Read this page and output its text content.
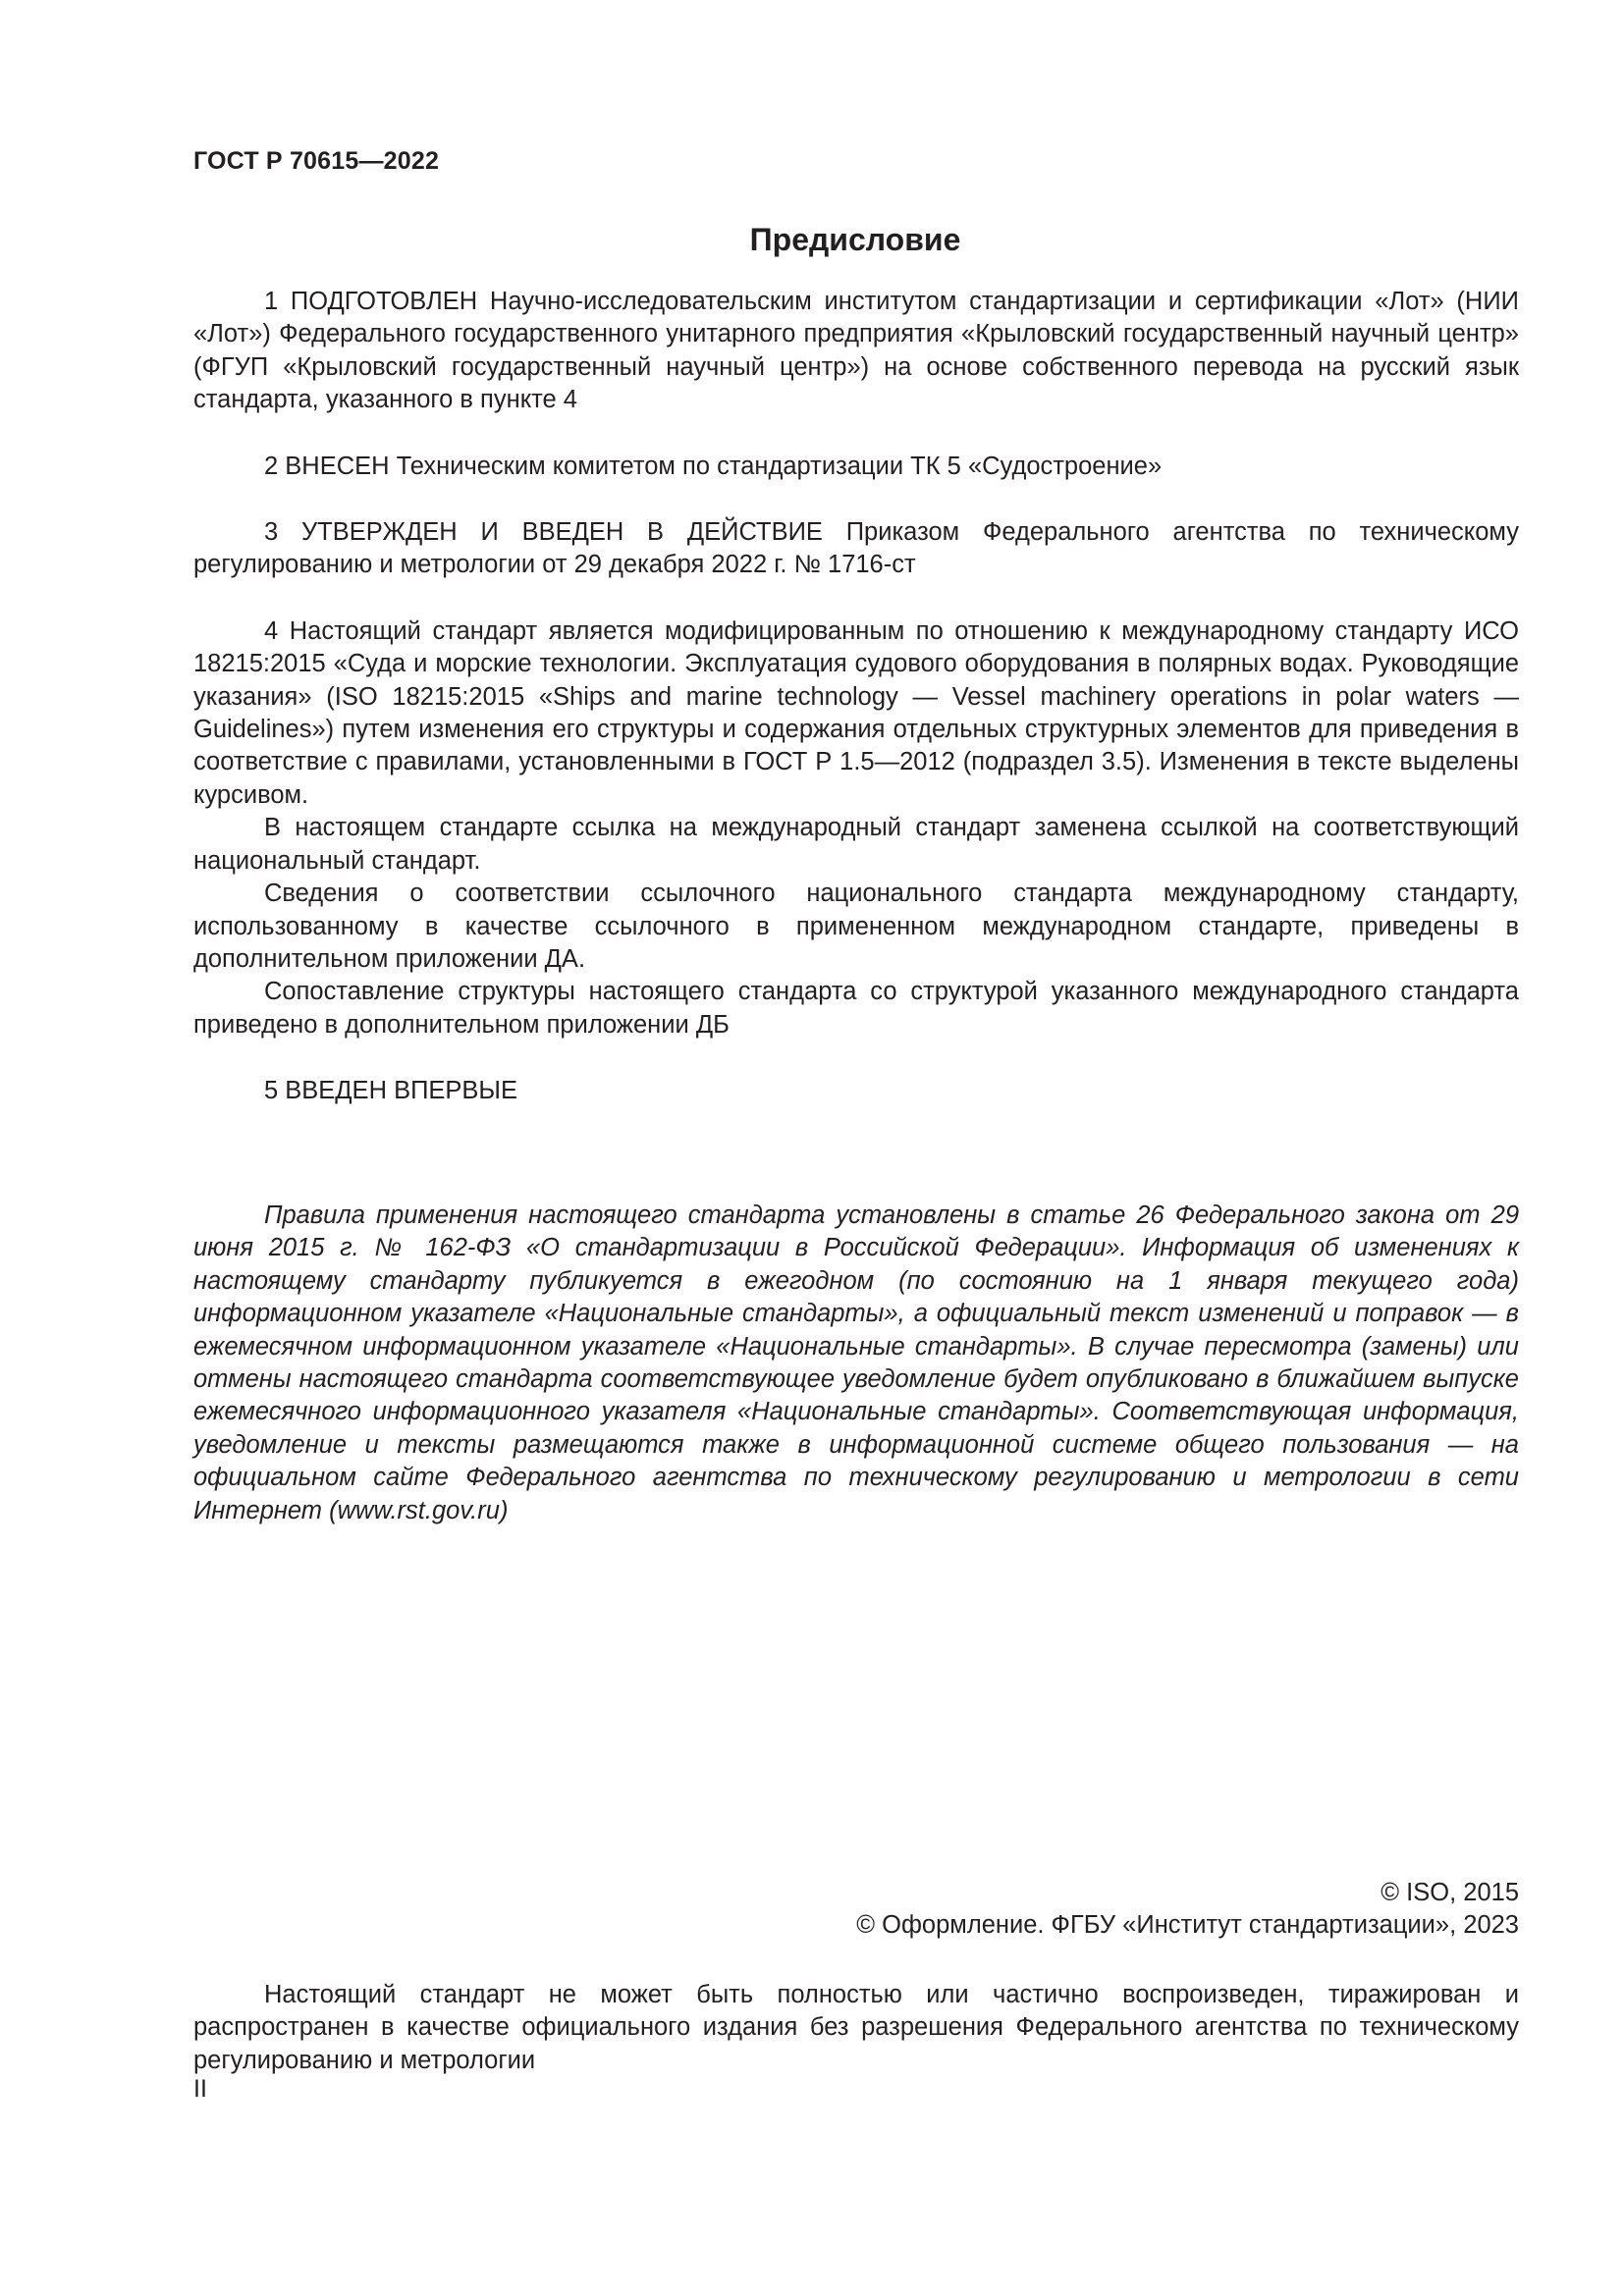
ГОСТ Р 70615—2022
Предисловие

1 ПОДГОТОВЛЕН Научно-исследовательским институтом стандартизации и сертификации «Лот» (НИИ «Лот») Федерального государственного унитарного предприятия «Крыловский государственный научный центр» (ФГУП «Крыловский государственный научный центр») на основе собственного перевода на русский язык стандарта, указанного в пункте 4

2 ВНЕСЕН Техническим комитетом по стандартизации ТК 5 «Судостроение»

3 УТВЕРЖДЕН И ВВЕДЕН В ДЕЙСТВИЕ Приказом Федерального агентства по техническому регулированию и метрологии от 29 декабря 2022 г. № 1716-ст

4 Настоящий стандарт является модифицированным по отношению к международному стандарту ИСО 18215:2015 «Суда и морские технологии. Эксплуатация судового оборудования в полярных водах. Руководящие указания» (ISO 18215:2015 «Ships and marine technology — Vessel machinery operations in polar waters — Guidelines») путем изменения его структуры и содержания отдельных структурных элементов для приведения в соответствие с правилами, установленными в ГОСТ Р 1.5—2012 (подраздел 3.5). Изменения в тексте выделены курсивом.

В настоящем стандарте ссылка на международный стандарт заменена ссылкой на соответствующий национальный стандарт.

Сведения о соответствии ссылочного национального стандарта международному стандарту, использованному в качестве ссылочного в примененном международном стандарте, приведены в дополнительном приложении ДА.

Сопоставление структуры настоящего стандарта со структурой указанного международного стандарта приведено в дополнительном приложении ДБ

5 ВВЕДЕН ВПЕРВЫЕ

Правила применения настоящего стандарта установлены в статье 26 Федерального закона от 29 июня 2015 г. № 162-ФЗ «О стандартизации в Российской Федерации». Информация об изменениях к настоящему стандарту публикуется в ежегодном (по состоянию на 1 января текущего года) информационном указателе «Национальные стандарты», а официальный текст изменений и поправок — в ежемесячном информационном указателе «Национальные стандарты». В случае пересмотра (замены) или отмены настоящего стандарта соответствующее уведомление будет опубликовано в ближайшем выпуске ежемесячного информационного указателя «Национальные стандарты». Соответствующая информация, уведомление и тексты размещаются также в информационной системе общего пользования — на официальном сайте Федерального агентства по техническому регулированию и метрологии в сети Интернет (www.rst.gov.ru)

© ISO, 2015
© Оформление. ФГБУ «Институт стандартизации», 2023

Настоящий стандарт не может быть полностью или частично воспроизведен, тиражирован и распространен в качестве официального издания без разрешения Федерального агентства по техническому регулированию и метрологии

II
